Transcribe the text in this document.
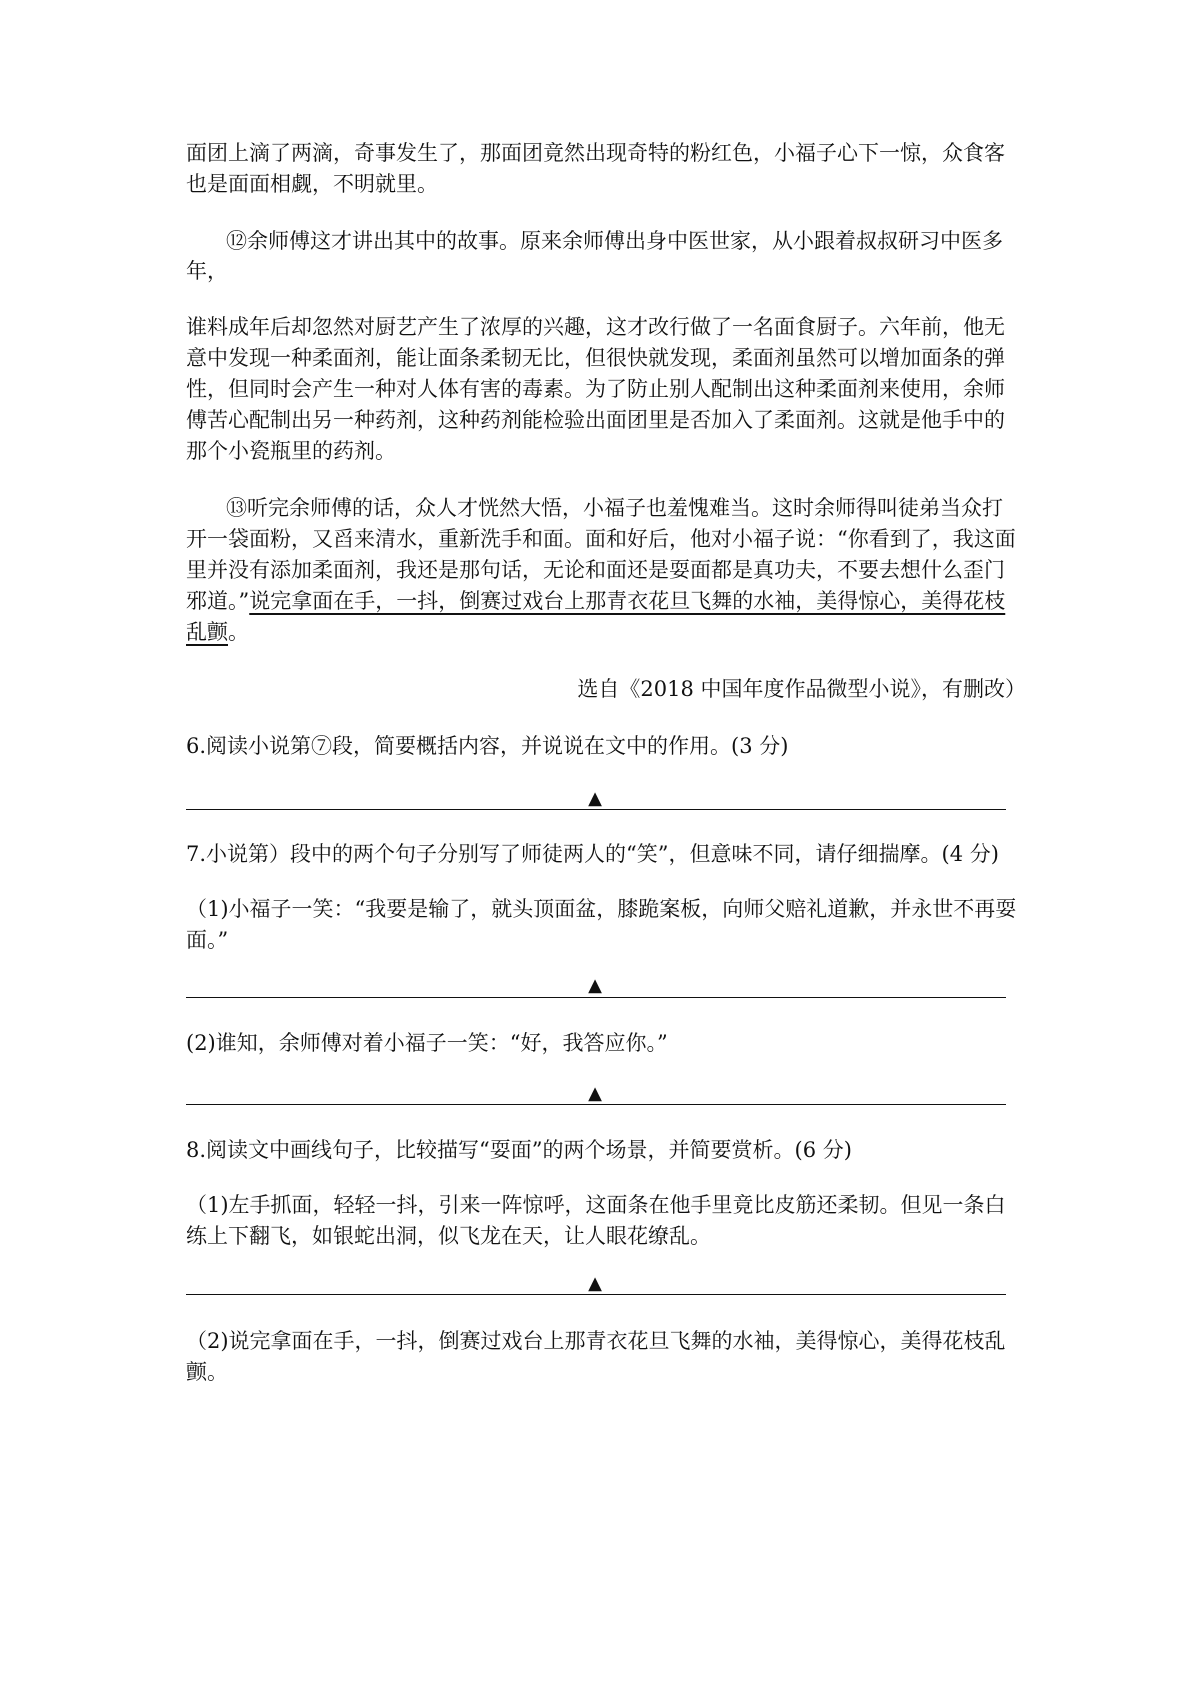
面团上滴了两滴，奇事发生了，那面团竟然出现奇特的粉红色，小福子心下一惊，众食客
也是面面相觑，不明就里。
⑫余师傅这才讲出其中的故事。原来余师傅出身中医世家，从小跟着叔叔研习中医多
年，
谁料成年后却忽然对厨艺产生了浓厚的兴趣，这才改行做了一名面食厨子。六年前，他无
意中发现一种柔面剂，能让面条柔韧无比，但很快就发现，柔面剂虽然可以增加面条的弹
性，但同时会产生一种对人体有害的毒素。为了防止别人配制出这种柔面剂来使用，余师
傅苦心配制出另一种药剂，这种药剂能检验出面团里是否加入了柔面剂。这就是他手中的
那个小瓷瓶里的药剂。
⑬听完余师傅的话，众人才恍然大悟，小福子也羞愧难当。这时余师得叫徒弟当众打
开一袋面粉，又舀来清水，重新洗手和面。面和好后，他对小福子说：“你看到了，我这面
里并没有添加柔面剂，我还是那句话，无论和面还是耍面都是真功夫，不要去想什么歪门
邪道。”说完拿面在手，一抖，倒赛过戏台上那青衣花旦飞舞的水袖，美得惊心，美得花枝
乱颤。
选自《2018 中国年度作品微型小说》，有删改）
6.阅读小说第⑦段，简要概括内容，并说说在文中的作用。(3 分)
▲
7.小说第）段中的两个句子分别写了师徒两人的“笑”，但意味不同，请仔细揣摩。(4 分)
（1)小福子一笑：“我要是输了，就头顶面盆，膝跪案板，向师父赔礼道歉，并永世不再耍
面。”
▲
(2)谁知，余师傅对着小福子一笑：“好，我答应你。”
▲
8.阅读文中画线句子，比较描写“耍面”的两个场景，并简要赏析。(6 分)
（1)左手抓面，轻轻一抖，引来一阵惊呼，这面条在他手里竟比皮筋还柔韧。但见一条白
练上下翻飞，如银蛇出洞，似飞龙在天，让人眼花缭乱。
▲
（2)说完拿面在手，一抖，倒赛过戏台上那青衣花旦飞舞的水袖，美得惊心，美得花枝乱
颤。
